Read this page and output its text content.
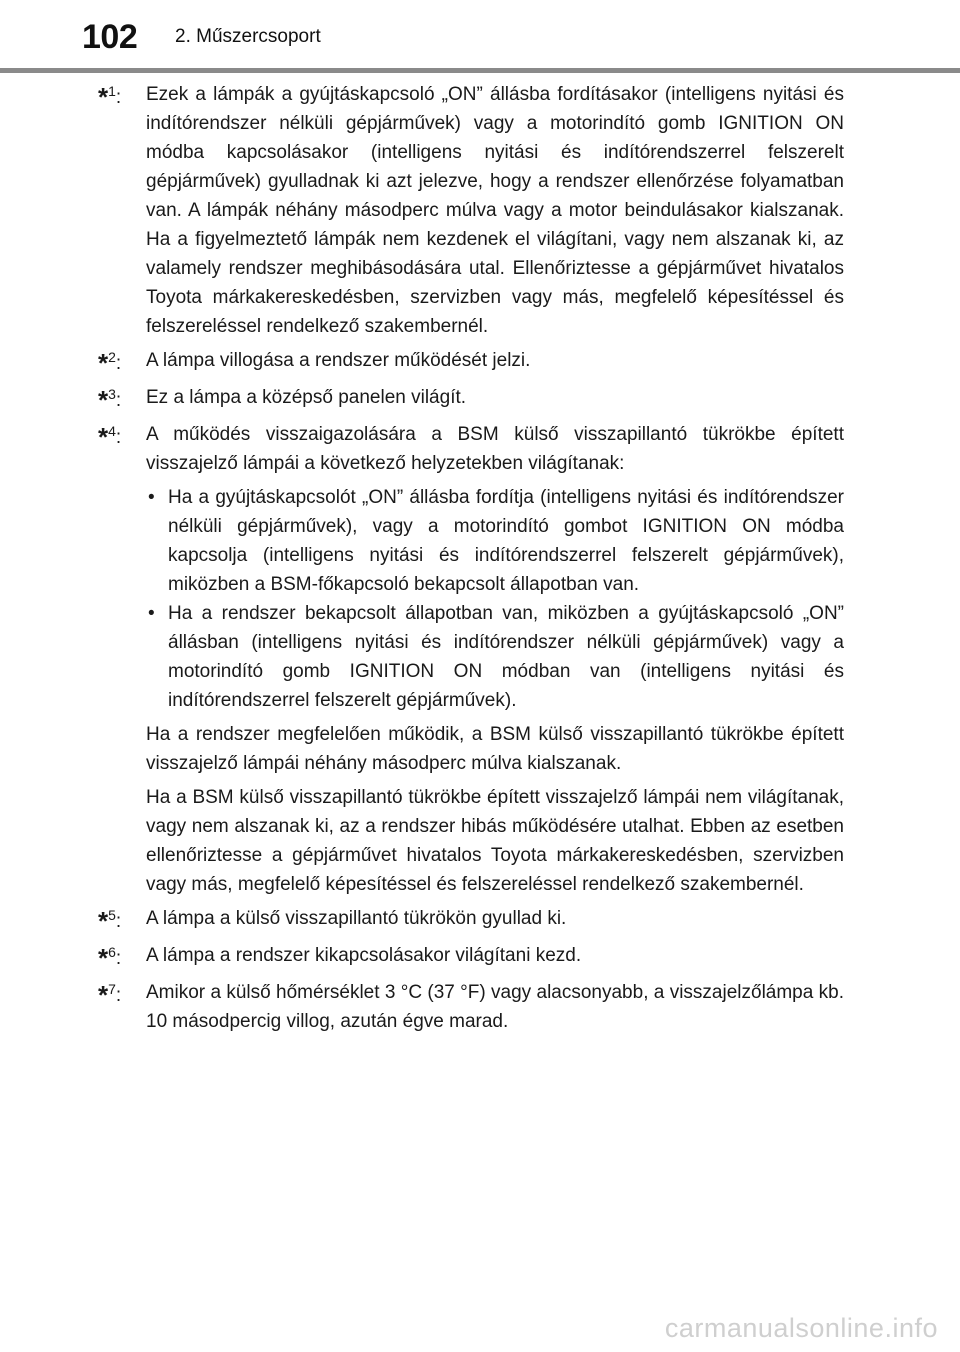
102 2. Műszercsoport
*$^1$:	Ezek a lámpák a gyújtáskapcsoló „ON” állásba fordításakor (intelligens nyitási és indítórendszer nélküli gépjárművek) vagy a motorindító gomb IGNITION ON módba kapcsolásakor (intelligens nyitási és indítórendszerrel felszerelt gépjárművek) gyulladnak ki azt jelezve, hogy a rendszer ellenőrzése folyamatban van. A lámpák néhány másodperc múlva vagy a motor beindulásakor kialszanak. Ha a figyelmeztető lámpák nem kezdenek el világítani, vagy nem alszanak ki, az valamely rendszer meghibásodására utal. Ellenőriztesse a gépjárművet hivatalos Toyota márkakereskedésben, szervizben vagy más, megfelelő képesítéssel és felszereléssel rendelkező szakembernél.

*$^2$:	A lámpa villogása a rendszer működését jelzi.

*$^3$:	Ez a lámpa a középső panelen világít.

*$^4$:	A működés visszaigazolására a BSM külső visszapillantó tükrökbe épített visszajelző lámpái a következő helyzetekben világítanak:

• Ha a gyújtáskapcsolót „ON” állásba fordítja (intelligens nyitási és indítórendszer nélküli gépjárművek), vagy a motorindító gombot IGNITION ON módba kapcsolja (intelligens nyitási és indítórendszerrel felszerelt gépjárművek), miközben a BSM-főkapcsoló bekapcsolt állapotban van.
• Ha a rendszer bekapcsolt állapotban van, miközben a gyújtáskapcsoló „ON” állásban (intelligens nyitási és indítórendszer nélküli gépjárművek) vagy a motorindító gomb IGNITION ON módban van (intelligens nyitási és indítórendszerrel felszerelt gépjárművek).

Ha a rendszer megfelelően működik, a BSM külső visszapillantó tükrökbe épített visszajelző lámpái néhány másodperc múlva kialszanak.

Ha a BSM külső visszapillantó tükrökbe épített visszajelző lámpái nem világítanak, vagy nem alszanak ki, az a rendszer hibás működésére utalhat. Ebben az esetben ellenőriztesse a gépjárművet hivatalos Toyota márkakereskedésben, szervizben vagy más, megfelelő képesítéssel és felszereléssel rendelkező szakembernél.

*$^5$:	A lámpa a külső visszapillantó tükrökön gyullad ki.

*$^6$:	A lámpa a rendszer kikapcsolásakor világítani kezd.

*$^7$:	Amikor a külső hőmérséklet 3 °C (37 °F) vagy alacsonyabb, a visszajelzőlámpa kb. 10 másodpercig villog, azután égve marad.

carmanualsonline.info
